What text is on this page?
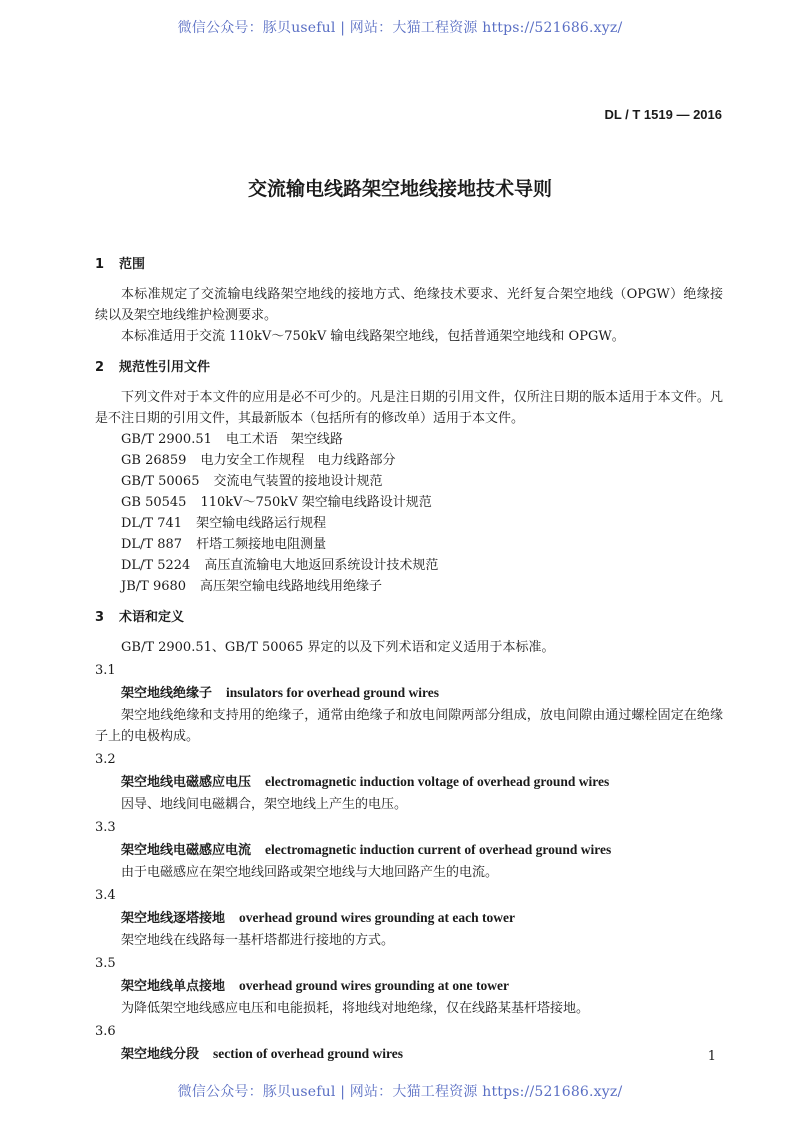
微信公众号：豚贝useful | 网站：大猫工程资源 https://521686.xyz/
DL / T 1519 — 2016
交流输电线路架空地线接地技术导则
1 范围
本标准规定了交流输电线路架空地线的接地方式、绝缘技术要求、光纤复合架空地线（OPGW）绝缘接续以及架空地线维护检测要求。
本标准适用于交流 110kV～750kV 输电线路架空地线，包括普通架空地线和 OPGW。
2 规范性引用文件
下列文件对于本文件的应用是必不可少的。凡是注日期的引用文件，仅所注日期的版本适用于本文件。凡是不注日期的引用文件，其最新版本（包括所有的修改单）适用于本文件。
GB/T 2900.51 电工术语　架空线路
GB 26859 电力安全工作规程　电力线路部分
GB/T 50065 交流电气装置的接地设计规范
GB 50545 110kV～750kV 架空输电线路设计规范
DL/T 741 架空输电线路运行规程
DL/T 887 杆塔工频接地电阻测量
DL/T 5224 高压直流输电大地返回系统设计技术规范
JB/T 9680 高压架空输电线路地线用绝缘子
3 术语和定义
GB/T 2900.51、GB/T 50065 界定的以及下列术语和定义适用于本标准。
3.1
架空地线绝缘子 insulators for overhead ground wires
架空地线绝缘和支持用的绝缘子，通常由绝缘子和放电间隙两部分组成，放电间隙由通过螺栓固定在绝缘子上的电极构成。
3.2
架空地线电磁感应电压 electromagnetic induction voltage of overhead ground wires
因导、地线间电磁耦合，架空地线上产生的电压。
3.3
架空地线电磁感应电流 electromagnetic induction current of overhead ground wires
由于电磁感应在架空地线回路或架空地线与大地回路产生的电流。
3.4
架空地线逐塔接地 overhead ground wires grounding at each tower
架空地线在线路每一基杆塔都进行接地的方式。
3.5
架空地线单点接地 overhead ground wires grounding at one tower
为降低架空地线感应电压和电能损耗，将地线对地绝缘，仅在线路某基杆塔接地。
3.6
架空地线分段 section of overhead ground wires	1
微信公众号：豚贝useful | 网站：大猫工程资源 https://521686.xyz/
